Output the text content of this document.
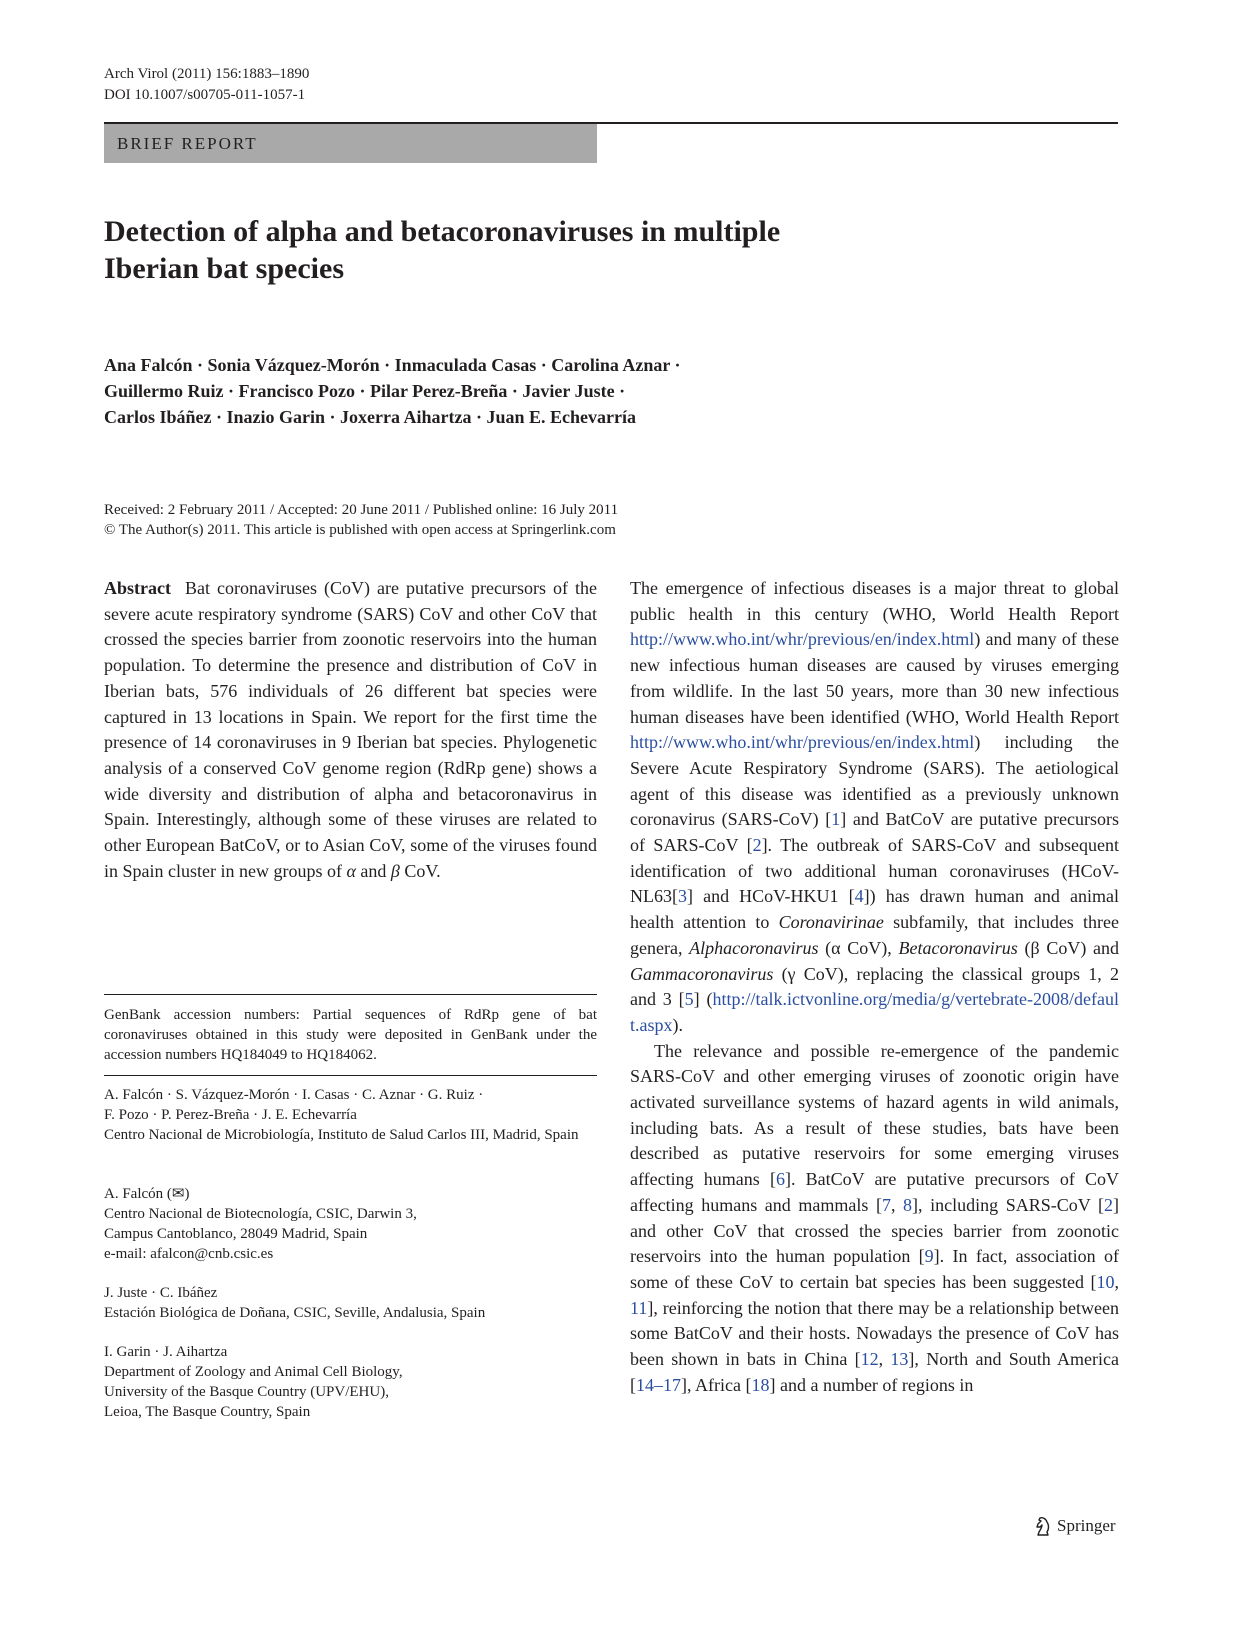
Arch Virol (2011) 156:1883–1890
DOI 10.1007/s00705-011-1057-1
BRIEF REPORT
Detection of alpha and betacoronaviruses in multiple
Iberian bat species
Ana Falcón · Sonia Vázquez-Morón · Inmaculada Casas · Carolina Aznar ·
Guillermo Ruiz · Francisco Pozo · Pilar Perez-Breña · Javier Juste ·
Carlos Ibáñez · Inazio Garin · Joxerra Aihartza · Juan E. Echevarría
Received: 2 February 2011 / Accepted: 20 June 2011 / Published online: 16 July 2011
© The Author(s) 2011. This article is published with open access at Springerlink.com

Abstract Bat coronaviruses (CoV) are putative precursors of the severe acute respiratory syndrome (SARS) CoV and other CoV that crossed the species barrier from zoonotic reservoirs into the human population. To determine the presence and distribution of CoV in Iberian bats, 576 individuals of 26 different bat species were captured in 13 locations in Spain. We report for the first time the presence of 14 coronaviruses in 9 Iberian bat species. Phylogenetic analysis of a conserved CoV genome region (RdRp gene) shows a wide diversity and distribution of alpha and betacoronavirus in Spain. Interestingly, although some of these viruses are related to other European BatCoV, or to Asian CoV, some of the viruses found in Spain cluster in new groups of α and β CoV.

GenBank accession numbers: Partial sequences of RdRp gene of bat coronaviruses obtained in this study were deposited in GenBank under the accession numbers HQ184049 to HQ184062.

A. Falcón · S. Vázquez-Morón · I. Casas · C. Aznar · G. Ruiz ·

F. Pozo · P. Perez-Breña · J. E. Echevarría

Centro Nacional de Microbiología, Instituto de Salud Carlos III, Madrid, Spain

A. Falcón (✉)

Centro Nacional de Biotecnología, CSIC, Darwin 3,

Campus Cantoblanco, 28049 Madrid, Spain

e-mail: afalcon@cnb.csic.es

J. Juste · C. Ibáñez

Estación Biológica de Doñana, CSIC, Seville, Andalusia, Spain

I. Garin · J. Aihartza

Department of Zoology and Animal Cell Biology,

University of the Basque Country (UPV/EHU),

Leioa, The Basque Country, Spain

The emergence of infectious diseases is a major threat to global public health in this century (WHO, World Health Report http://www.who.int/whr/previous/en/index.html) and many of these new infectious human diseases are caused by viruses emerging from wildlife. In the last 50 years, more than 30 new infectious human diseases have been identified (WHO, World Health Report http://www.who.int/whr/previous/en/index.html) including the Severe Acute Respiratory Syndrome (SARS). The aetiological agent of this disease was identified as a previously unknown coronavirus (SARS-CoV) [1] and BatCoV are putative precursors of SARS-CoV [2]. The outbreak of SARS-CoV and subsequent identification of two additional human coronaviruses (HCoV-NL63[3] and HCoV-HKU1 [4]) has drawn human and animal health attention to Coronavirinae subfamily, that includes three genera, Alphacoronavirus (α CoV), Betacoronavirus (β CoV) and Gammacoronavirus (γ CoV), replacing the classical groups 1, 2 and 3 [5] (http://talk.ictvonline.org/media/g/vertebrate-2008/default.aspx).

The relevance and possible re-emergence of the pandemic SARS-CoV and other emerging viruses of zoonotic origin have activated surveillance systems of hazard agents in wild animals, including bats. As a result of these studies, bats have been described as putative reservoirs for some emerging viruses affecting humans [6]. BatCoV are putative precursors of CoV affecting humans and mammals [7, 8], including SARS-CoV [2] and other CoV that crossed the species barrier from zoonotic reservoirs into the human population [9]. In fact, association of some of these CoV to certain bat species has been suggested [10, 11], reinforcing the notion that there may be a relationship between some BatCoV and their hosts. Nowadays the presence of CoV has been shown in bats in China [12, 13], North and South America [14–17], Africa [18] and a number of regions in

Springer
